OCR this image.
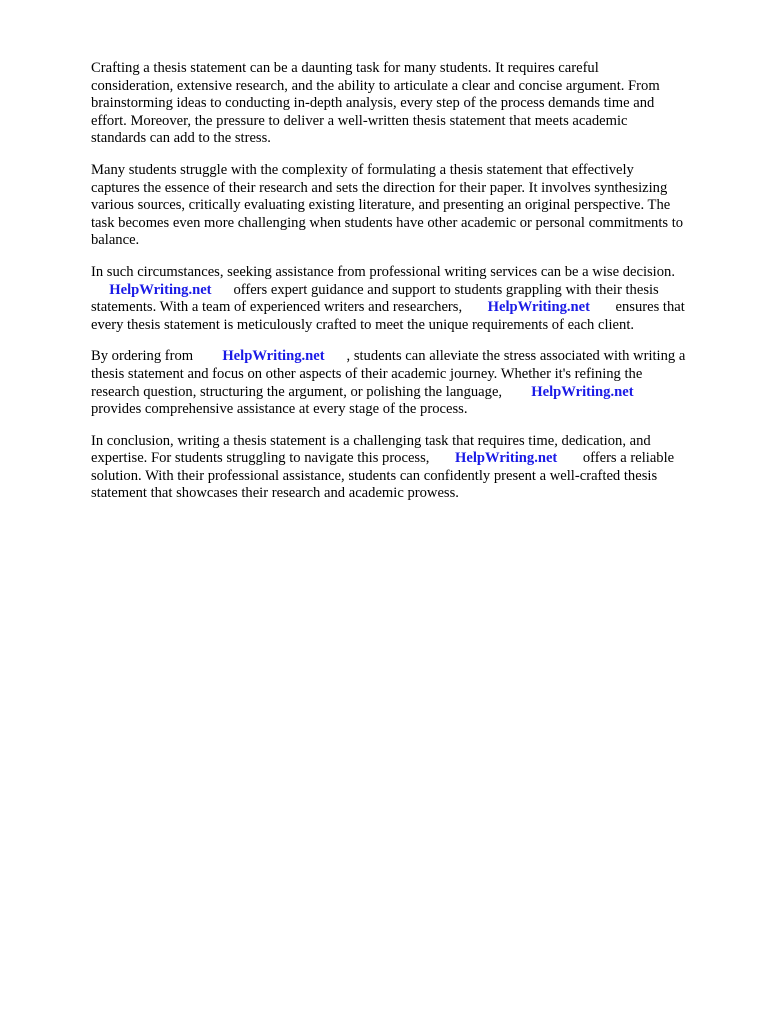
Crafting a thesis statement can be a daunting task for many students. It requires careful
consideration, extensive research, and the ability to articulate a clear and concise argument. From
brainstorming ideas to conducting in-depth analysis, every step of the process demands time and
effort. Moreover, the pressure to deliver a well-written thesis statement that meets academic
standards can add to the stress.

Many students struggle with the complexity of formulating a thesis statement that effectively
captures the essence of their research and sets the direction for their paper. It involves synthesizing
various sources, critically evaluating existing literature, and presenting an original perspective. The
task becomes even more challenging when students have other academic or personal commitments to
balance.

In such circumstances, seeking assistance from professional writing services can be a wise decision.
HelpWriting.net offers expert guidance and support to students grappling with their thesis
statements. With a team of experienced writers and researchers, HelpWriting.net ensures that
every thesis statement is meticulously crafted to meet the unique requirements of each client.

By ordering from HelpWriting.net , students can alleviate the stress associated with writing a
thesis statement and focus on other aspects of their academic journey. Whether it's refining the
research question, structuring the argument, or polishing the language, HelpWriting.net
provides comprehensive assistance at every stage of the process.

In conclusion, writing a thesis statement is a challenging task that requires time, dedication, and
expertise. For students struggling to navigate this process, HelpWriting.net offers a reliable
solution. With their professional assistance, students can confidently present a well-crafted thesis
statement that showcases their research and academic prowess.
